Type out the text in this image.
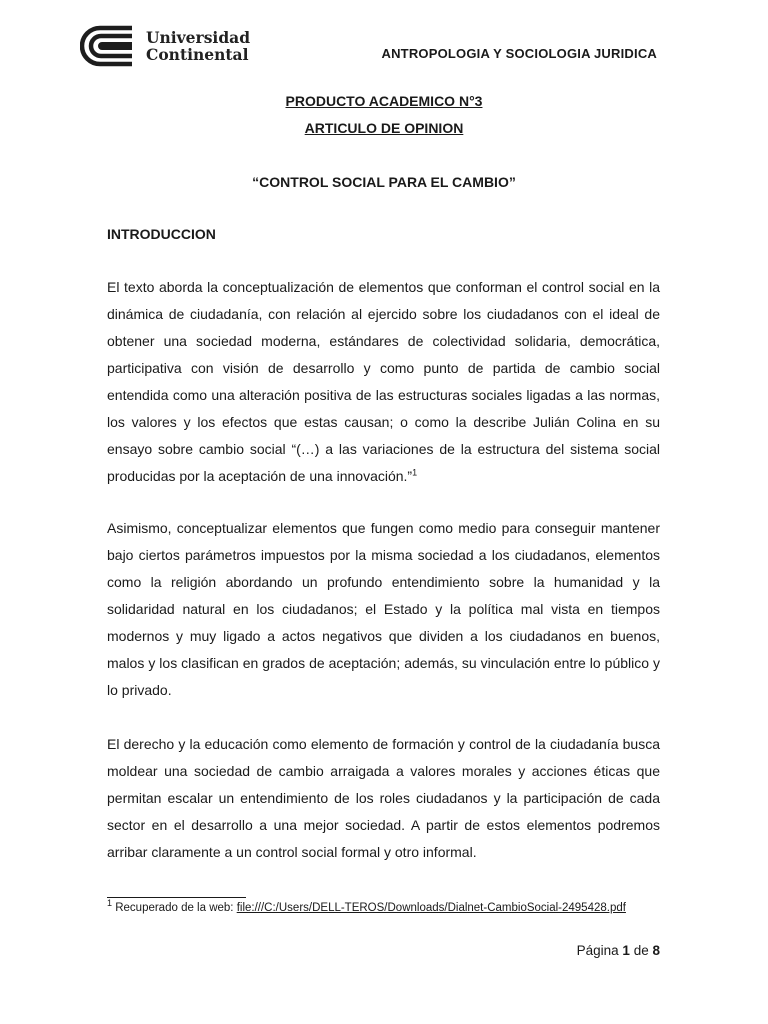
Universidad
Continental	ANTROPOLOGIA Y SOCIOLOGIA JURIDICA
PRODUCTO ACADEMICO N°3
ARTICULO DE OPINION
“CONTROL SOCIAL PARA EL CAMBIO”
INTRODUCCION

El texto aborda la conceptualización de elementos que conforman el control social en la dinámica de ciudadanía, con relación al ejercido sobre los ciudadanos con el ideal de obtener una sociedad moderna, estándares de colectividad solidaria, democrática, participativa con visión de desarrollo y como punto de partida de cambio social entendida como una alteración positiva de las estructuras sociales ligadas a las normas, los valores y los efectos que estas causan; o como la describe Julián Colina en su ensayo sobre cambio social “(…) a las variaciones de la estructura del sistema social producidas por la aceptación de una innovación.”$^1$

Asimismo, conceptualizar elementos que fungen como medio para conseguir mantener bajo ciertos parámetros impuestos por la misma sociedad a los ciudadanos, elementos como la religión abordando un profundo entendimiento sobre la humanidad y la solidaridad natural en los ciudadanos; el Estado y la política mal vista en tiempos modernos y muy ligado a actos negativos que dividen a los ciudadanos en buenos, malos y los clasifican en grados de aceptación; además, su vinculación entre lo público y lo privado.

El derecho y la educación como elemento de formación y control de la ciudadanía busca moldear una sociedad de cambio arraigada a valores morales y acciones éticas que permitan escalar un entendimiento de los roles ciudadanos y la participación de cada sector en el desarrollo a una mejor sociedad. A partir de estos elementos podremos arribar claramente a un control social formal y otro informal.

$^1$ Recuperado de la web: file:///C:/Users/DELL-TEROS/Downloads/Dialnet-CambioSocial-2495428.pdf
Página 1 de 8
